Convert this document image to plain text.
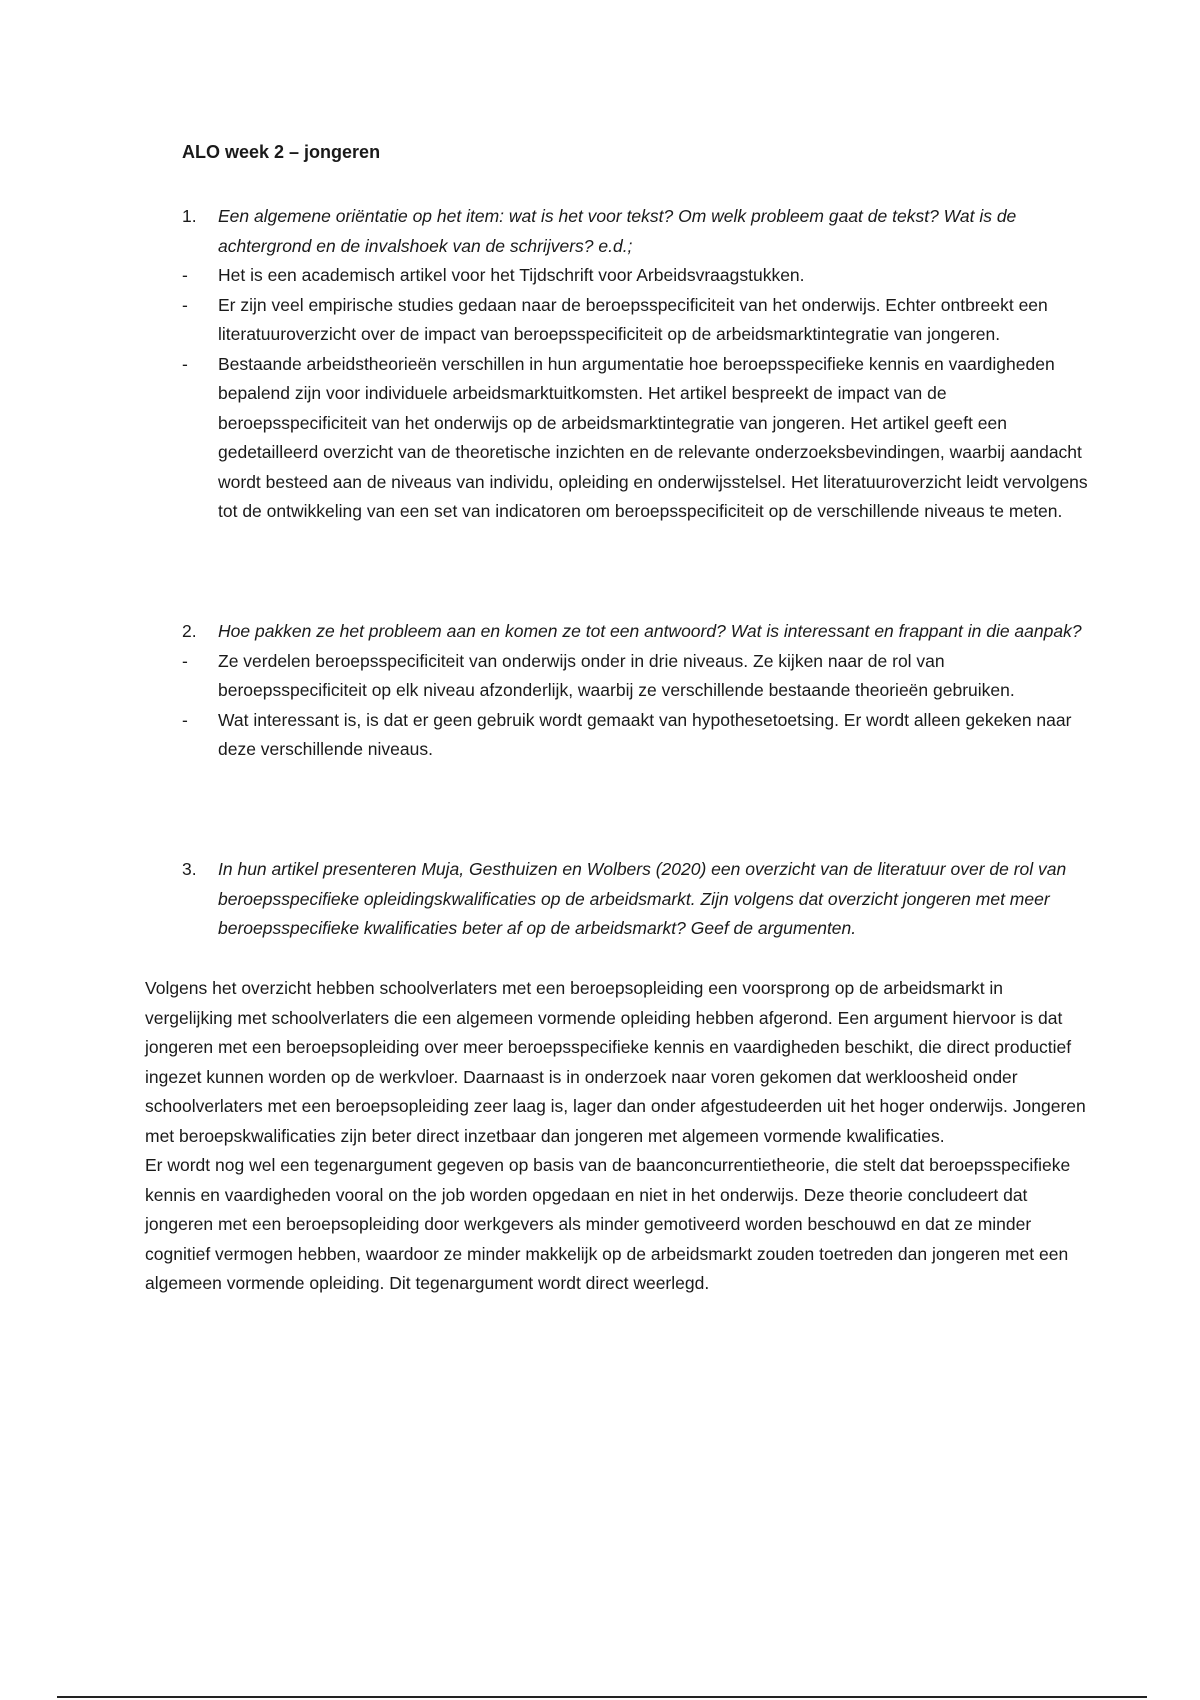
ALO week 2 – jongeren
1. Een algemene oriëntatie op het item: wat is het voor tekst? Om welk probleem gaat de tekst? Wat is de achtergrond en de invalshoek van de schrijvers? e.d.;
- Het is een academisch artikel voor het Tijdschrift voor Arbeidsvraagstukken.
- Er zijn veel empirische studies gedaan naar de beroepsspecificiteit van het onderwijs. Echter ontbreekt een literatuuroverzicht over de impact van beroepsspecificiteit op de arbeidsmarktintegratie van jongeren.
- Bestaande arbeidstheorieën verschillen in hun argumentatie hoe beroepsspecifieke kennis en vaardigheden bepalend zijn voor individuele arbeidsmarktuitkomsten. Het artikel bespreekt de impact van de beroepsspecificiteit van het onderwijs op de arbeidsmarktintegratie van jongeren. Het artikel geeft een gedetailleerd overzicht van de theoretische inzichten en de relevante onderzoeksbevindingen, waarbij aandacht wordt besteed aan de niveaus van individu, opleiding en onderwijsstelsel. Het literatuuroverzicht leidt vervolgens tot de ontwikkeling van een set van indicatoren om beroepsspecificiteit op de verschillende niveaus te meten.
2. Hoe pakken ze het probleem aan en komen ze tot een antwoord? Wat is interessant en frappant in die aanpak?
- Ze verdelen beroepsspecificiteit van onderwijs onder in drie niveaus. Ze kijken naar de rol van beroepsspecificiteit op elk niveau afzonderlijk, waarbij ze verschillende bestaande theorieën gebruiken.
- Wat interessant is, is dat er geen gebruik wordt gemaakt van hypothesetoetsing. Er wordt alleen gekeken naar deze verschillende niveaus.
3. In hun artikel presenteren Muja, Gesthuizen en Wolbers (2020) een overzicht van de literatuur over de rol van beroepsspecifieke opleidingskwalificaties op de arbeidsmarkt. Zijn volgens dat overzicht jongeren met meer beroepsspecifieke kwalificaties beter af op de arbeidsmarkt? Geef de argumenten.

Volgens het overzicht hebben schoolverlaters met een beroepsopleiding een voorsprong op de arbeidsmarkt in vergelijking met schoolverlaters die een algemeen vormende opleiding hebben afgerond. Een argument hiervoor is dat jongeren met een beroepsopleiding over meer beroepsspecifieke kennis en vaardigheden beschikt, die direct productief ingezet kunnen worden op de werkvloer. Daarnaast is in onderzoek naar voren gekomen dat werkloosheid onder schoolverlaters met een beroepsopleiding zeer laag is, lager dan onder afgestudeerden uit het hoger onderwijs. Jongeren met beroepskwalificaties zijn beter direct inzetbaar dan jongeren met algemeen vormende kwalificaties.

Er wordt nog wel een tegenargument gegeven op basis van de baanconcurrentietheorie, die stelt dat beroepsspecifieke kennis en vaardigheden vooral on the job worden opgedaan en niet in het onderwijs. Deze theorie concludeert dat jongeren met een beroepsopleiding door werkgevers als minder gemotiveerd worden beschouwd en dat ze minder cognitief vermogen hebben, waardoor ze minder makkelijk op de arbeidsmarkt zouden toetreden dan jongeren met een algemeen vormende opleiding. Dit tegenargument wordt direct weerlegd.
